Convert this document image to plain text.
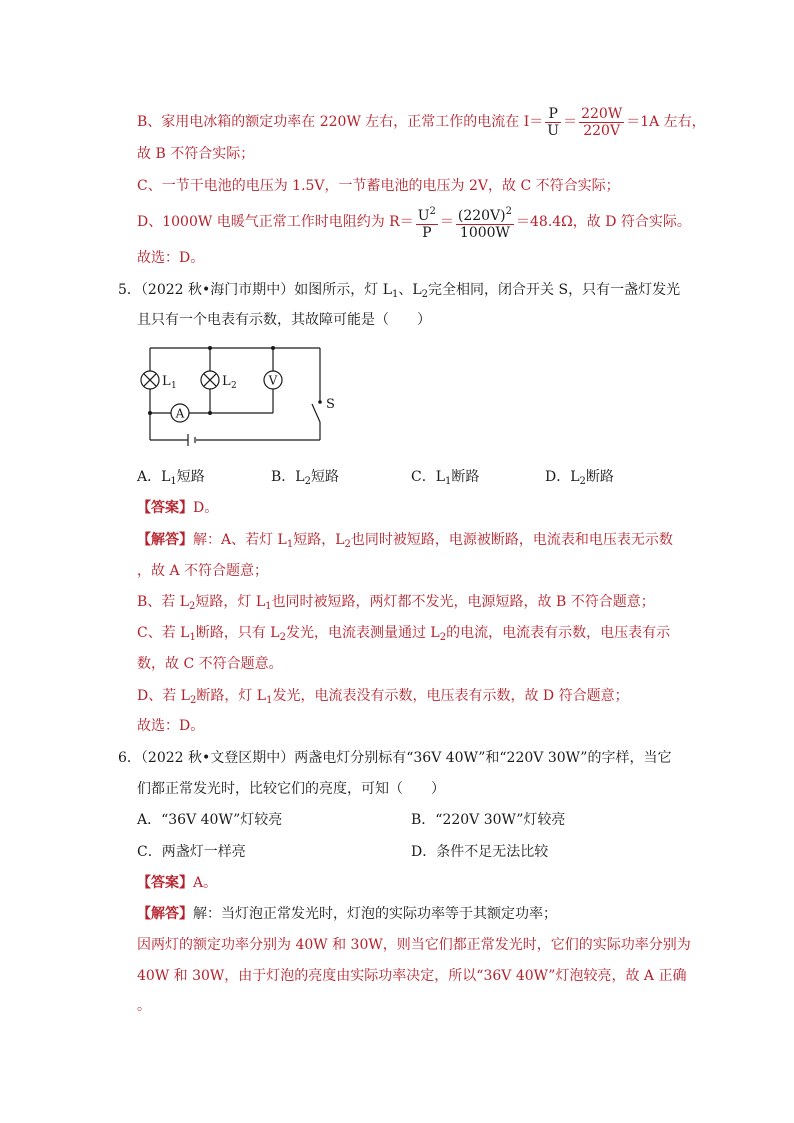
B、家用电冰箱的额定功率在 220W 左右，正常工作的电流在 $I= \frac{P}{U} = \frac{220W}{220V} =1A$ 左右，
故 B 不符合实际；
C、一节干电池的电压为 1.5V，一节蓄电池的电压为 2V，故 C 不符合实际；
D、1000W 电暖气正常工作时电阻约为 $R= \frac{U^2}{P} = \frac{(220V)^2}{1000W} =48.4\Omega$，故 D 符合实际。
故选：D。
5．（2022 秋•海门市期中）如图所示，灯 $L_1$、$L_2$完全相同，闭合开关 S，只有一盏灯发光
且只有一个电表有示数，其故障可能是（　　）
V
A
L 1	L 2
S
A．$L_1$短路	B．$L_2$短路	C．$L_1$断路	D．$L_2$断路
【答案】D。
【解答】解：A、若灯 $L_1$短路，$L_2$也同时被短路，电源被断路，电流表和电压表无示数
，故 A 不符合题意；
B、若 $L_2$短路，灯 $L_1$也同时被短路，两灯都不发光，电源短路，故 B 不符合题意；
C、若 $L_1$断路，只有 $L_2$发光，电流表测量通过 $L_2$的电流，电流表有示数，电压表有示
数，故 C 不符合题意。
D、若 $L_2$断路，灯 $L_1$发光，电流表没有示数，电压表有示数，故 D 符合题意；
故选：D。
6．（2022 秋•文登区期中）两盏电灯分别标有“36V 40W”和“220V 30W”的字样，当它
们都正常发光时，比较它们的亮度，可知（　　）
A．“36V 40W”灯较亮	B．“220V 30W”灯较亮
C．两盏灯一样亮	D．条件不足无法比较
【答案】A。
【解答】解：当灯泡正常发光时，灯泡的实际功率等于其额定功率；
因两灯的额定功率分别为 40W 和 30W，则当它们都正常发光时，它们的实际功率分别为
40W 和 30W，由于灯泡的亮度由实际功率决定，所以“36V 40W”灯泡较亮，故 A 正确
。
